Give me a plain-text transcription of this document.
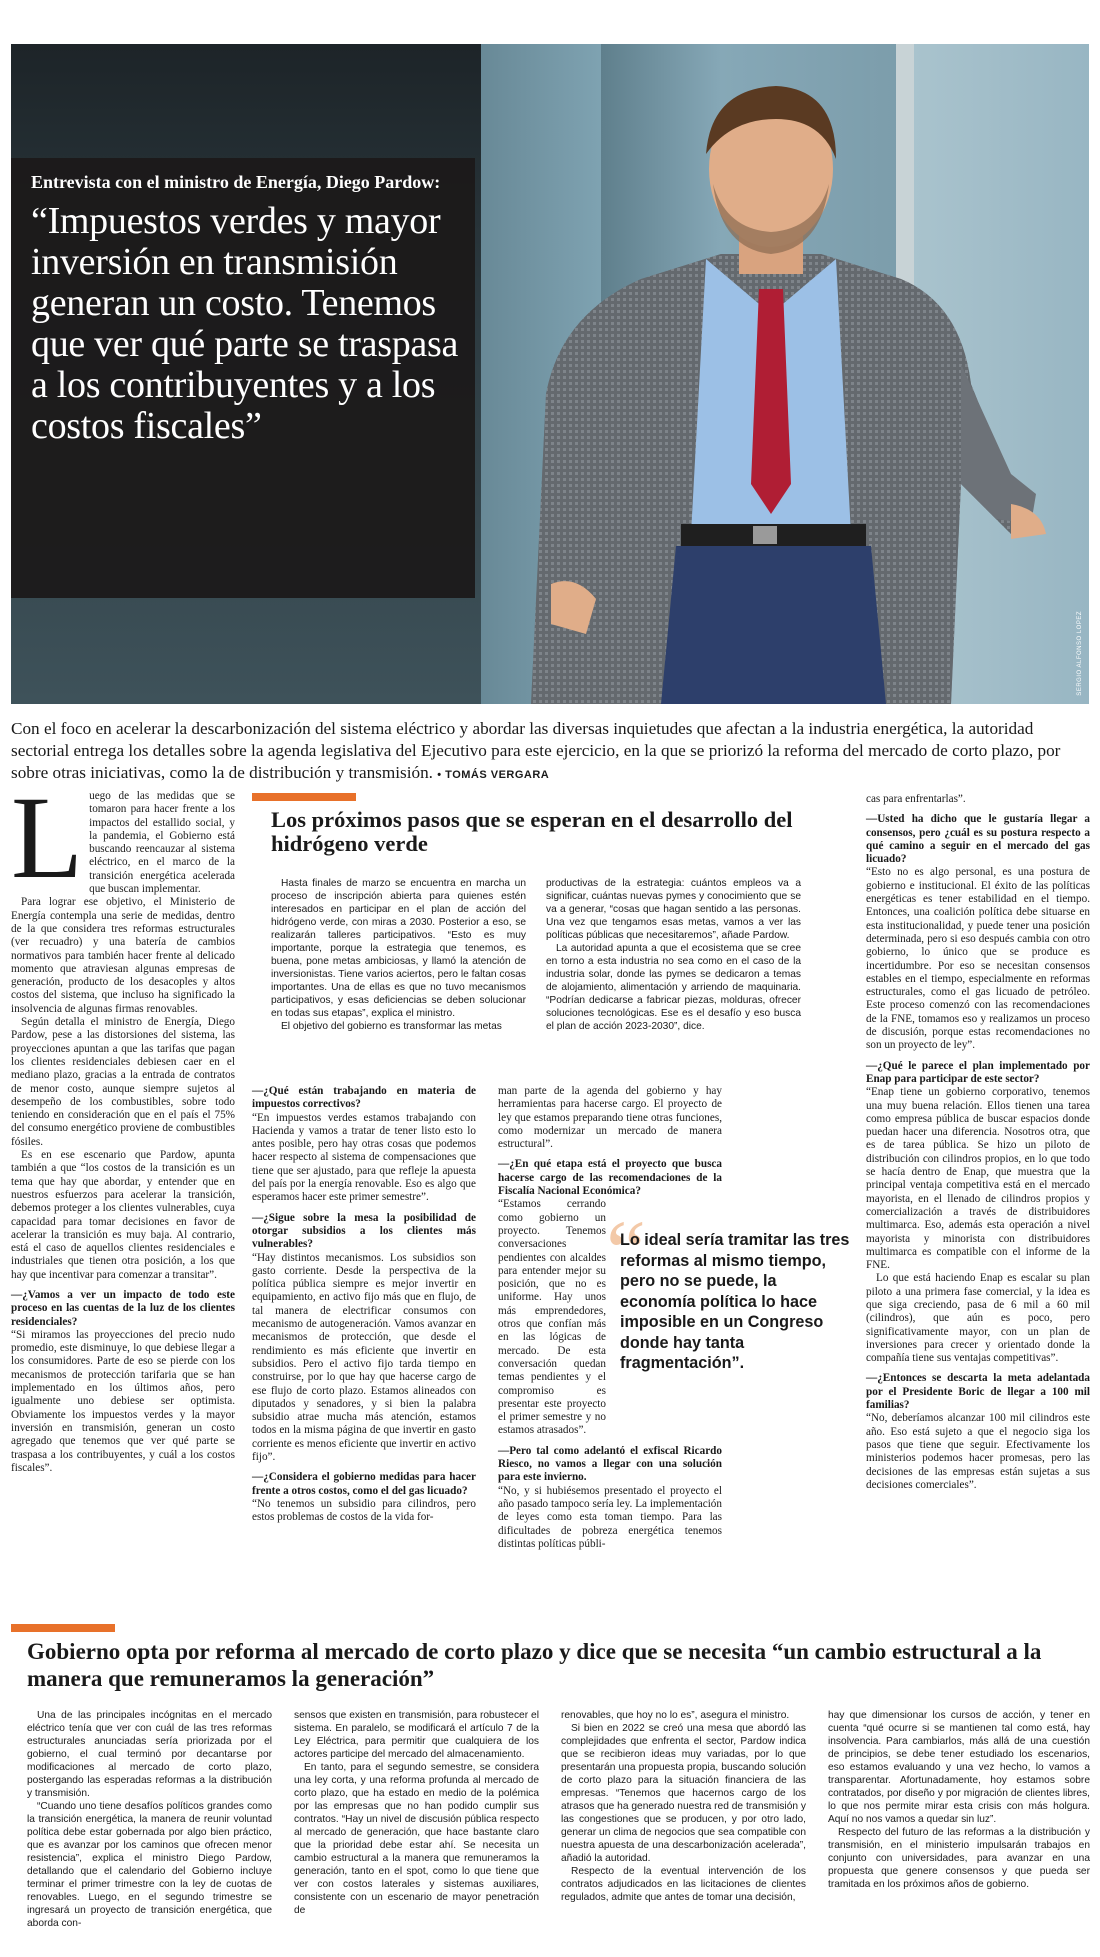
SERGIO ALFONSO LÓPEZ
Entrevista con el ministro de Energía, Diego Pardow:
“Impuestos verdes y mayor inversión en transmisión generan un costo. Tenemos que ver qué parte se traspasa a los contribuyentes y a los costos fiscales”
Con el foco en acelerar la descarbonización del sistema eléctrico y abordar las diversas inquietudes que afectan a la industria energética, la autoridad sectorial entrega los detalles sobre la agenda legislativa del Ejecutivo para este ejercicio, en la que se priorizó la reforma del mercado de corto plazo, por sobre otras iniciativas, como la de distribución y transmisión. • TOMÁS VERGARA

Luego de las medidas que se tomaron para hacer frente a los impactos del estallido social, y la pandemia, el Gobierno está buscando reencauzar al sistema eléctrico, en el marco de la transición energética acelerada que buscan implementar.

Para lograr ese objetivo, el Ministerio de Energía contempla una serie de medidas, dentro de la que considera tres reformas estructurales (ver recuadro) y una batería de cambios normativos para también hacer frente al delicado momento que atraviesan algunas empresas de generación, producto de los desacoples y altos costos del sistema, que incluso ha significado la insolvencia de algunas firmas renovables.

Según detalla el ministro de Energía, Diego Pardow, pese a las distorsiones del sistema, las proyecciones apuntan a que las tarifas que pagan los clientes residenciales debiesen caer en el mediano plazo, gracias a la entrada de contratos de menor costo, aunque siempre sujetos al desempeño de los combustibles, sobre todo teniendo en consideración que en el país el 75% del consumo energético proviene de combustibles fósiles.

Es en ese escenario que Pardow, apunta también a que “los costos de la transición es un tema que hay que abordar, y entender que en nuestros esfuerzos para acelerar la transición, debemos proteger a los clientes vulnerables, cuya capacidad para tomar decisiones en favor de acelerar la transición es muy baja. Al contrario, está el caso de aquellos clientes residenciales e industriales que tienen otra posición, a los que hay que incentivar para comenzar a transitar”.

—¿Vamos a ver un impacto de todo este proceso en las cuentas de la luz de los clientes residenciales?

“Si miramos las proyecciones del precio nudo promedio, este disminuye, lo que debiese llegar a los consumidores. Parte de eso se pierde con los mecanismos de protección tarifaria que se han implementado en los últimos años, pero igualmente uno debiese ser optimista. Obviamente los impuestos verdes y la mayor inversión en transmisión, generan un costo agregado que tenemos que ver qué parte se traspasa a los contribuyentes, y cuál a los costos fiscales”.

Los próximos pasos que se esperan en el desarrollo del hidrógeno verde

Hasta finales de marzo se encuentra en marcha un proceso de inscripción abierta para quienes estén interesados en participar en el plan de acción del hidrógeno verde, con miras a 2030. Posterior a eso, se realizarán talleres participativos. “Esto es muy importante, porque la estrategia que tenemos, es buena, pone metas ambiciosas, y llamó la atención de inversionistas. Tiene varios aciertos, pero le faltan cosas importantes. Una de ellas es que no tuvo mecanismos participativos, y esas deficiencias se deben solucionar en todas sus etapas”, explica el ministro.

El objetivo del gobierno es transformar las metas

productivas de la estrategia: cuántos empleos va a significar, cuántas nuevas pymes y conocimiento que se va a generar, “cosas que hagan sentido a las personas. Una vez que tengamos esas metas, vamos a ver las políticas públicas que necesitaremos”, añade Pardow.

La autoridad apunta a que el ecosistema que se cree en torno a esta industria no sea como en el caso de la industria solar, donde las pymes se dedicaron a temas de alojamiento, alimentación y arriendo de maquinaria. “Podrían dedicarse a fabricar piezas, molduras, ofrecer soluciones tecnológicas. Ese es el desafío y eso busca el plan de acción 2023-2030”, dice.

—¿Qué están trabajando en materia de impuestos correctivos?

“En impuestos verdes estamos trabajando con Hacienda y vamos a tratar de tener listo esto lo antes posible, pero hay otras cosas que podemos hacer respecto al sistema de compensaciones que tiene que ser ajustado, para que refleje la apuesta del país por la energía renovable. Eso es algo que esperamos hacer este primer semestre”.

—¿Sigue sobre la mesa la posibilidad de otorgar subsidios a los clientes más vulnerables?

“Hay distintos mecanismos. Los subsidios son gasto corriente. Desde la perspectiva de la política pública siempre es mejor invertir en equipamiento, en activo fijo más que en flujo, de tal manera de electrificar consumos con mecanismo de autogeneración. Vamos avanzar en mecanismos de protección, que desde el rendimiento es más eficiente que invertir en subsidios. Pero el activo fijo tarda tiempo en construirse, por lo que hay que hacerse cargo de ese flujo de corto plazo. Estamos alineados con diputados y senadores, y si bien la palabra subsidio atrae mucha más atención, estamos todos en la misma página de que invertir en gasto corriente es menos eficiente que invertir en activo fijo”.

—¿Considera el gobierno medidas para hacer frente a otros costos, como el del gas licuado?

“No tenemos un subsidio para cilindros, pero estos problemas de costos de la vida for-

man parte de la agenda del gobierno y hay herramientas para hacerse cargo. El proyecto de ley que estamos preparando tiene otras funciones, como modernizar un mercado de manera estructural”.

—¿En qué etapa está el proyecto que busca hacerse cargo de las recomendaciones de la Fiscalía Nacional Económica?

“Estamos cerrando como gobierno un proyecto. Tenemos conversaciones pendientes con alcaldes para entender mejor su posición, que no es uniforme. Hay unos más emprendedores, otros que confían más en las lógicas de mercado. De esta conversación quedan temas pendientes y el compromiso es presentar este proyecto el primer semestre y no estamos atrasados”.

—Pero tal como adelantó el exfiscal Ricardo Riesco, no vamos a llegar con una solución para este invierno.

“No, y si hubiésemos presentado el proyecto el año pasado tampoco sería ley. La implementación de leyes como esta toman tiempo. Para las dificultades de pobreza energética tenemos distintas políticas públi-

“
Lo ideal sería tramitar las tres reformas al mismo tiempo, pero no se puede, la economía política lo hace imposible en un Congreso donde hay tanta fragmentación”.

cas para enfrentarlas”.

—Usted ha dicho que le gustaría llegar a consensos, pero ¿cuál es su postura respecto a qué camino a seguir en el mercado del gas licuado?

“Esto no es algo personal, es una postura de gobierno e institucional. El éxito de las políticas energéticas es tener estabilidad en el tiempo. Entonces, una coalición política debe situarse en esta institucionalidad, y puede tener una posición determinada, pero si eso después cambia con otro gobierno, lo único que se produce es incertidumbre. Por eso se necesitan consensos estables en el tiempo, especialmente en reformas estructurales, como el gas licuado de petróleo. Este proceso comenzó con las recomendaciones de la FNE, tomamos eso y realizamos un proceso de discusión, porque estas recomendaciones no son un proyecto de ley”.

—¿Qué le parece el plan implementado por Enap para participar de este sector?

“Enap tiene un gobierno corporativo, tenemos una muy buena relación. Ellos tienen una tarea como empresa pública de buscar espacios donde puedan hacer una diferencia. Nosotros otra, que es de tarea pública. Se hizo un piloto de distribución con cilindros propios, en lo que todo se hacía dentro de Enap, que muestra que la principal ventaja competitiva está en el mercado mayorista, en el llenado de cilindros propios y comercialización a través de distribuidores multimarca. Eso, además esta operación a nivel mayorista y minorista con distribuidores multimarca es compatible con el informe de la FNE.

Lo que está haciendo Enap es escalar su plan piloto a una primera fase comercial, y la idea es que siga creciendo, pasa de 6 mil a 60 mil (cilindros), que aún es poco, pero significativamente mayor, con un plan de inversiones para crecer y orientado donde la compañía tiene sus ventajas competitivas”.

—¿Entonces se descarta la meta adelantada por el Presidente Boric de llegar a 100 mil familias?

“No, deberíamos alcanzar 100 mil cilindros este año. Eso está sujeto a que el negocio siga los pasos que tiene que seguir. Efectivamente los ministerios podemos hacer promesas, pero las decisiones de las empresas están sujetas a sus decisiones comerciales”.

Gobierno opta por reforma al mercado de corto plazo y dice que se necesita “un cambio estructural a la manera que remuneramos la generación”

Una de las principales incógnitas en el mercado eléctrico tenía que ver con cuál de las tres reformas estructurales anunciadas sería priorizada por el gobierno, el cual terminó por decantarse por modificaciones al mercado de corto plazo, postergando las esperadas reformas a la distribución y transmisión.

“Cuando uno tiene desafíos políticos grandes como la transición energética, la manera de reunir voluntad política debe estar gobernada por algo bien práctico, que es avanzar por los caminos que ofrecen menor resistencia”, explica el ministro Diego Pardow, detallando que el calendario del Gobierno incluye terminar el primer trimestre con la ley de cuotas de renovables. Luego, en el segundo trimestre se ingresará un proyecto de transición energética, que aborda con-

sensos que existen en transmisión, para robustecer el sistema. En paralelo, se modificará el artículo 7 de la Ley Eléctrica, para permitir que cualquiera de los actores participe del mercado del almacenamiento.

En tanto, para el segundo semestre, se considera una ley corta, y una reforma profunda al mercado de corto plazo, que ha estado en medio de la polémica por las empresas que no han podido cumplir sus contratos. “Hay un nivel de discusión pública respecto al mercado de generación, que hace bastante claro que la prioridad debe estar ahí. Se necesita un cambio estructural a la manera que remuneramos la generación, tanto en el spot, como lo que tiene que ver con costos laterales y sistemas auxiliares, consistente con un escenario de mayor penetración de

renovables, que hoy no lo es”, asegura el ministro.

Si bien en 2022 se creó una mesa que abordó las complejidades que enfrenta el sector, Pardow indica que se recibieron ideas muy variadas, por lo que presentarán una propuesta propia, buscando solución de corto plazo para la situación financiera de las empresas. “Tenemos que hacernos cargo de los atrasos que ha generado nuestra red de transmisión y las congestiones que se producen, y por otro lado, generar un clima de negocios que sea compatible con nuestra apuesta de una descarbonización acelerada”, añadió la autoridad.

Respecto de la eventual intervención de los contratos adjudicados en las licitaciones de clientes regulados, admite que antes de tomar una decisión,

hay que dimensionar los cursos de acción, y tener en cuenta “qué ocurre si se mantienen tal como está, hay insolvencia. Para cambiarlos, más allá de una cuestión de principios, se debe tener estudiado los escenarios, eso estamos evaluando y una vez hecho, lo vamos a transparentar. Afortunadamente, hoy estamos sobre contratados, por diseño y por migración de clientes libres, lo que nos permite mirar esta crisis con más holgura. Aquí no nos vamos a quedar sin luz”.

Respecto del futuro de las reformas a la distribución y transmisión, en el ministerio impulsarán trabajos en conjunto con universidades, para avanzar en una propuesta que genere consensos y que pueda ser tramitada en los próximos años de gobierno.
